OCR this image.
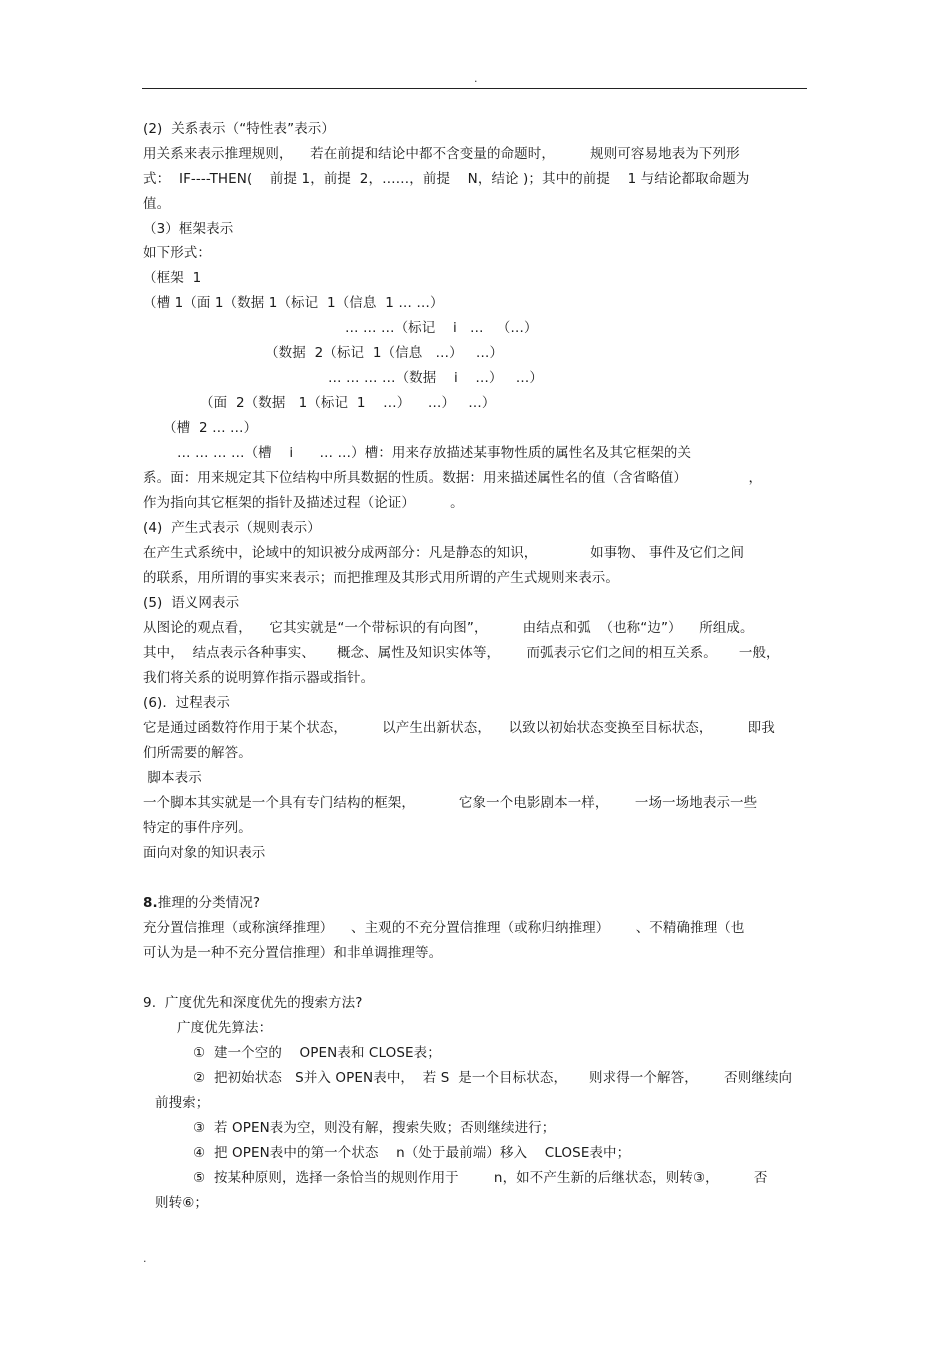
.
(2)  关系表示（“特性表”表示）
用关系来表示推理规则，    若在前提和结论中都不含变量的命题时，        规则可容易地表为下列形
式：  IF----THEN(    前提 1，前提  2，……，前提    N，结论 )；其中的前提    1 与结论都取命题为
值。
（3）框架表示
如下形式：
（框架  1
（槽 1（面 1（数据 1（标记  1（信息  1 … …）
… … …（标记    i   …   （…）
（数据  2（标记  1（信息   …）   …）
… … … …（数据    i    …）   …）
（面  2（数据   1（标记  1    …）    …）   …）
（槽  2 … …）
… … … …（槽    i      … …）槽：用来存放描述某事物性质的属性名及其它框架的关
系。面：用来规定其下位结构中所具数据的性质。数据：用来描述属性名的值（含省略值）              ，
作为指向其它框架的指针及描述过程（论证）        。
(4)  产生式表示（规则表示）
在产生式系统中，论域中的知识被分成两部分：凡是静态的知识，            如事物、 事件及它们之间
的联系，用所谓的事实来表示；而把推理及其形式用所谓的产生式规则来表示。
(5)  语义网表示
从图论的观点看，    它其实就是“一个带标识的有向图”，        由结点和弧  （也称“边”）    所组成。
其中，  结点表示各种事实、     概念、属性及知识实体等，      而弧表示它们之间的相互关系。     一般，
我们将关系的说明算作指示器或指针。
(6).  过程表示
它是通过函数符作用于某个状态，        以产生出新状态，    以致以初始状态变换至目标状态，        即我
们所需要的解答。
脚本表示
一个脚本其实就是一个具有专门结构的框架，          它象一个电影剧本一样，      一场一场地表示一些
特定的事件序列。
面向对象的知识表示
8.推理的分类情况?
充分置信推理（或称演绎推理）    、主观的不充分置信推理（或称归纳推理）      、不精确推理（也
可认为是一种不充分置信推理）和非单调推理等。
9.  广度优先和深度优先的搜索方法?
广度优先算法：
①  建一个空的    OPEN表和 CLOSE表；
②  把初始状态   S并入 OPEN表中，  若 S  是一个目标状态，     则求得一个解答，      否则继续向
前搜索；
③  若 OPEN表为空，则没有解，搜索失败；否则继续进行；
④  把 OPEN表中的第一个状态    n（处于最前端）移入    CLOSE表中；
⑤  按某种原则，选择一条恰当的规则作用于        n，如不产生新的后继状态，则转③，        否
则转⑥；
.
